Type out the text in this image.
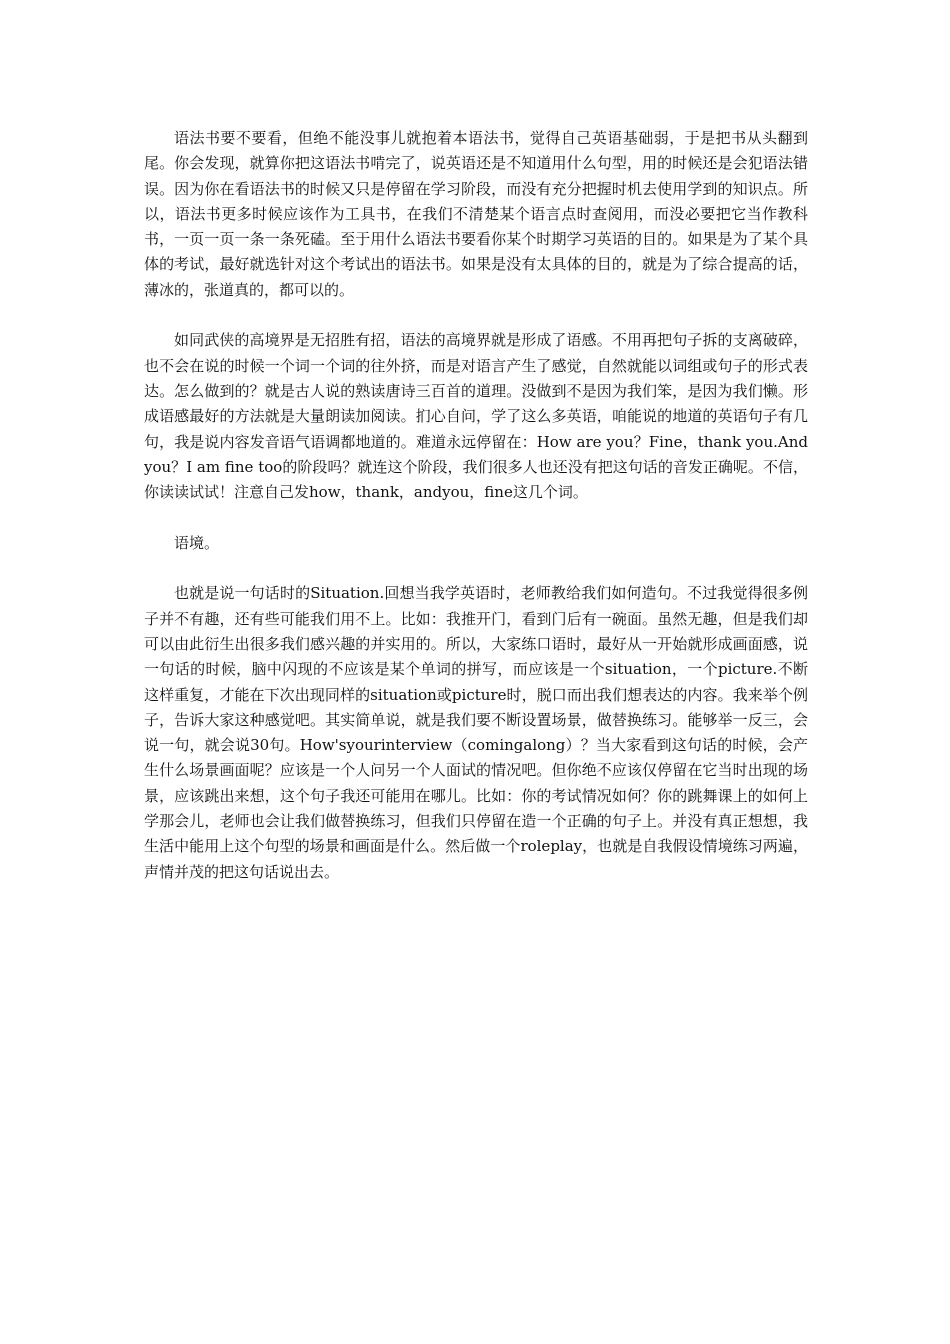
语法书要不要看，但绝不能没事儿就抱着本语法书，觉得自己英语基础弱，于是把书从头翻到尾。你会发现，就算你把这语法书啃完了，说英语还是不知道用什么句型，用的时候还是会犯语法错误。因为你在看语法书的时候又只是停留在学习阶段，而没有充分把握时机去使用学到的知识点。所以，语法书更多时候应该作为工具书，在我们不清楚某个语言点时查阅用，而没必要把它当作教科书，一页一页一条一条死磕。至于用什么语法书要看你某个时期学习英语的目的。如果是为了某个具体的考试，最好就选针对这个考试出的语法书。如果是没有太具体的目的，就是为了综合提高的话，薄冰的，张道真的，都可以的。

如同武侠的高境界是无招胜有招，语法的高境界就是形成了语感。不用再把句子拆的支离破碎，也不会在说的时候一个词一个词的往外挤，而是对语言产生了感觉，自然就能以词组或句子的形式表达。怎么做到的？就是古人说的熟读唐诗三百首的道理。没做到不是因为我们笨，是因为我们懒。形成语感最好的方法就是大量朗读加阅读。扪心自问，学了这么多英语，咱能说的地道的英语句子有几句，我是说内容发音语气语调都地道的。难道永远停留在：How are you？Fine，thank you.And you？I am fine too的阶段吗？就连这个阶段，我们很多人也还没有把这句话的音发正确呢。不信，你读读试试！注意自己发how，thank，andyou，fine这几个词。

语境。

也就是说一句话时的Situation.回想当我学英语时，老师教给我们如何造句。不过我觉得很多例子并不有趣，还有些可能我们用不上。比如：我推开门，看到门后有一碗面。虽然无趣，但是我们却可以由此衍生出很多我们感兴趣的并实用的。所以，大家练口语时，最好从一开始就形成画面感，说一句话的时候，脑中闪现的不应该是某个单词的拼写，而应该是一个situation，一个picture.不断这样重复，才能在下次出现同样的situation或picture时，脱口而出我们想表达的内容。我来举个例子，告诉大家这种感觉吧。其实简单说，就是我们要不断设置场景，做替换练习。能够举一反三，会说一句，就会说30句。How'syourinterview（comingalong）？当大家看到这句话的时候，会产生什么场景画面呢？应该是一个人问另一个人面试的情况吧。但你绝不应该仅停留在它当时出现的场景，应该跳出来想，这个句子我还可能用在哪儿。比如：你的考试情况如何？你的跳舞课上的如何上学那会儿，老师也会让我们做替换练习，但我们只停留在造一个正确的句子上。并没有真正想想，我生活中能用上这个句型的场景和画面是什么。然后做一个roleplay，也就是自我假设情境练习两遍，声情并茂的把这句话说出去。
